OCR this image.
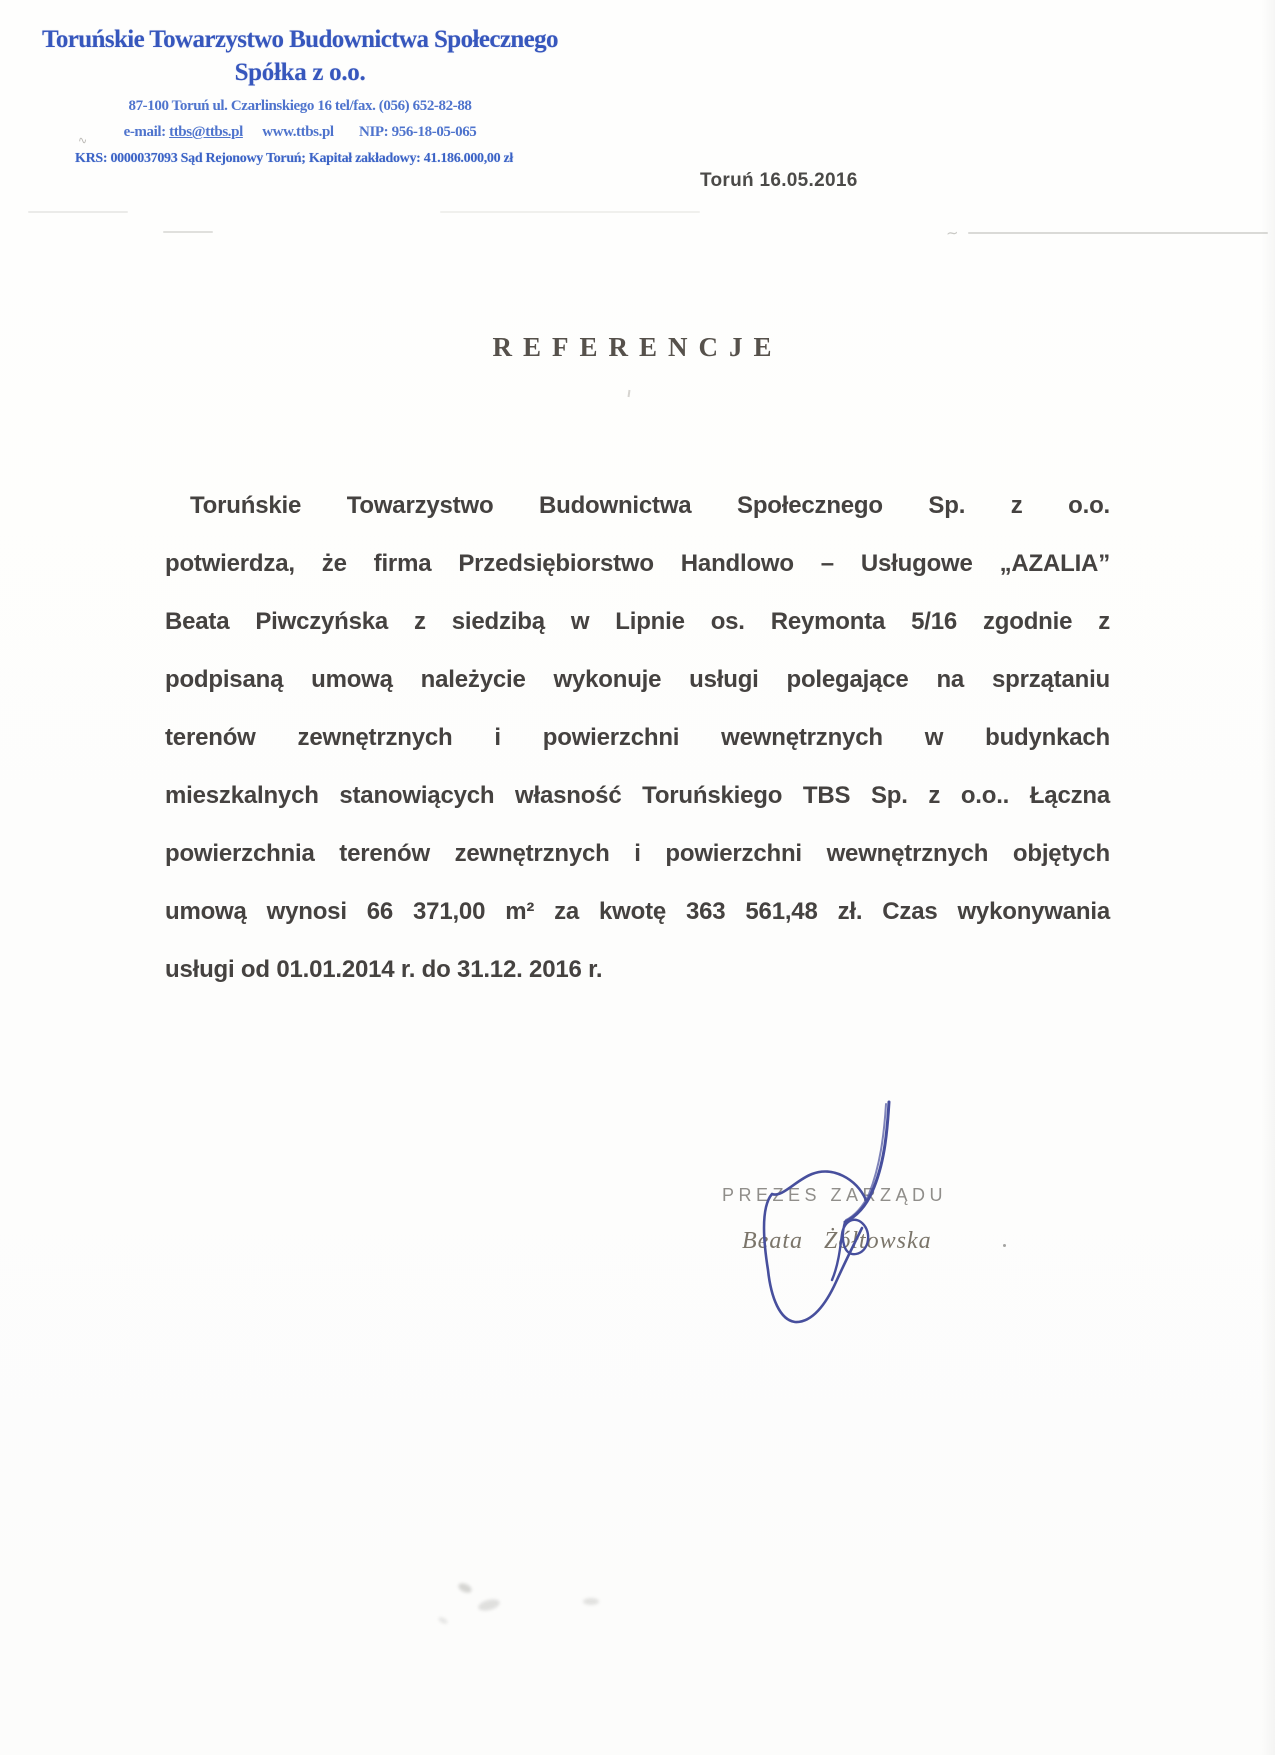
Toruńskie Towarzystwo Budownictwa Społecznego
Spółka z o.o.
87-100 Toruń ul. Czarlinskiego 16 tel/fax. (056) 652-82-88
e-mail: ttbs@ttbs.pl www.ttbs.pl NIP: 956-18-05-065
KRS: 0000037093 Sąd Rejonowy Toruń; Kapitał zakładowy: 41.186.000,00 zł
∿
Toruń 16.05.2016
∼
REFERENCJE

Toruńskie Towarzystwo Budownictwa Społecznego Sp. z o.o.

potwierdza, że firma Przedsiębiorstwo Handlowo – Usługowe „AZALIA”

Beata Piwczyńska z siedzibą w Lipnie os. Reymonta 5/16 zgodnie z

podpisaną umową należycie wykonuje usługi polegające na sprzątaniu

terenów zewnętrznych i powierzchni wewnętrznych w budynkach

mieszkalnych stanowiących własność Toruńskiego TBS Sp. z o.o.. Łączna

powierzchnia terenów zewnętrznych i powierzchni wewnętrznych objętych

umową wynosi 66 371,00 m² za kwotę 363 561,48 zł. Czas wykonywania

usługi od 01.01.2014 r. do 31.12. 2016 r.

PREZES ZARZĄDU
Beata Żółtowska
